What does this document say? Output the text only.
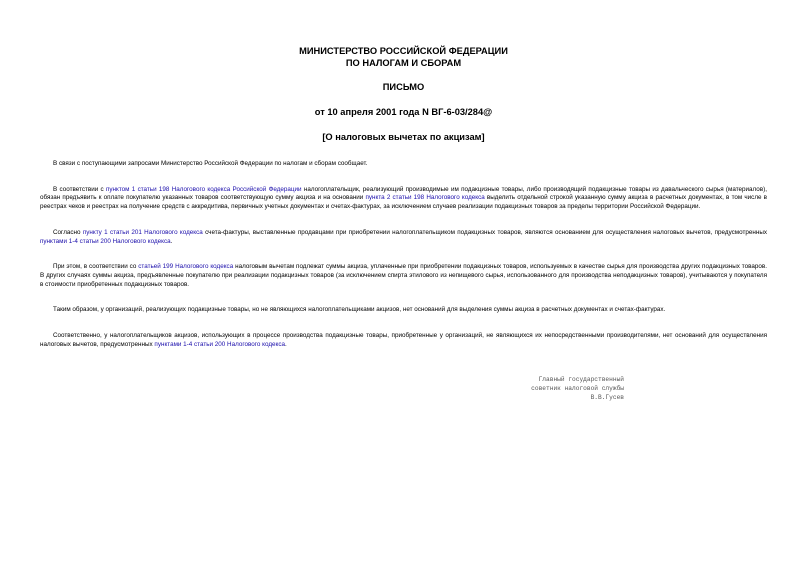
МИНИСТЕРСТВО РОССИЙСКОЙ ФЕДЕРАЦИИ
ПО НАЛОГАМ И СБОРАМ
ПИСЬМО
от 10 апреля 2001 года N ВГ-6-03/284@
[О налоговых вычетах по акцизам]

В связи с поступающими запросами Министерство Российской Федерации по налогам и сборам сообщает.

В соответствии с пунктом 1 статьи 198 Налогового кодекса Российской Федерации налогоплательщик, реализующий производимые им подакцизные товары, либо производящий подакцизные товары из давальческого сырья (материалов), обязан предъявить к оплате покупателю указанных товаров соответствующую сумму акциза и на основании пункта 2 статьи 198 Налогового кодекса выделить отдельной строкой указанную сумму акциза в расчетных документах, в том числе в реестрах чеков и реестрах на получение средств с аккредитива, первичных учетных документах и счетах-фактурах, за исключением случаев реализации подакцизных товаров за пределы территории Российской Федерации.

Согласно пункту 1 статьи 201 Налогового кодекса счета-фактуры, выставленные продавцами при приобретении налогоплательщиком подакцизных товаров, являются основанием для осуществления налоговых вычетов, предусмотренных пунктами 1-4 статьи 200 Налогового кодекса.

При этом, в соответствии со статьей 199 Налогового кодекса налоговым вычетам подлежат суммы акциза, уплаченные при приобретении подакцизных товаров, используемых в качестве сырья для производства других подакцизных товаров. В других случаях суммы акциза, предъявленные покупателю при реализации подакцизных товаров (за исключением спирта этилового из непищевого сырья, использованного для производства неподакцизных товаров), учитываются у покупателя в стоимости приобретенных подакцизных товаров.

Таким образом, у организаций, реализующих подакцизные товары, но не являющихся налогоплательщиками акцизов, нет оснований для выделения суммы акциза в расчетных документах и счетах-фактурах.

Соответственно, у налогоплательщиков акцизов, использующих в процессе производства подакцизные товары, приобретенные у организаций, не являющихся их непосредственными производителями, нет оснований для осуществления налоговых вычетов, предусмотренных пунктами 1-4 статьи 200 Налогового кодекса.

Главный государственный
советник налоговой службы
В.В.Гусев
